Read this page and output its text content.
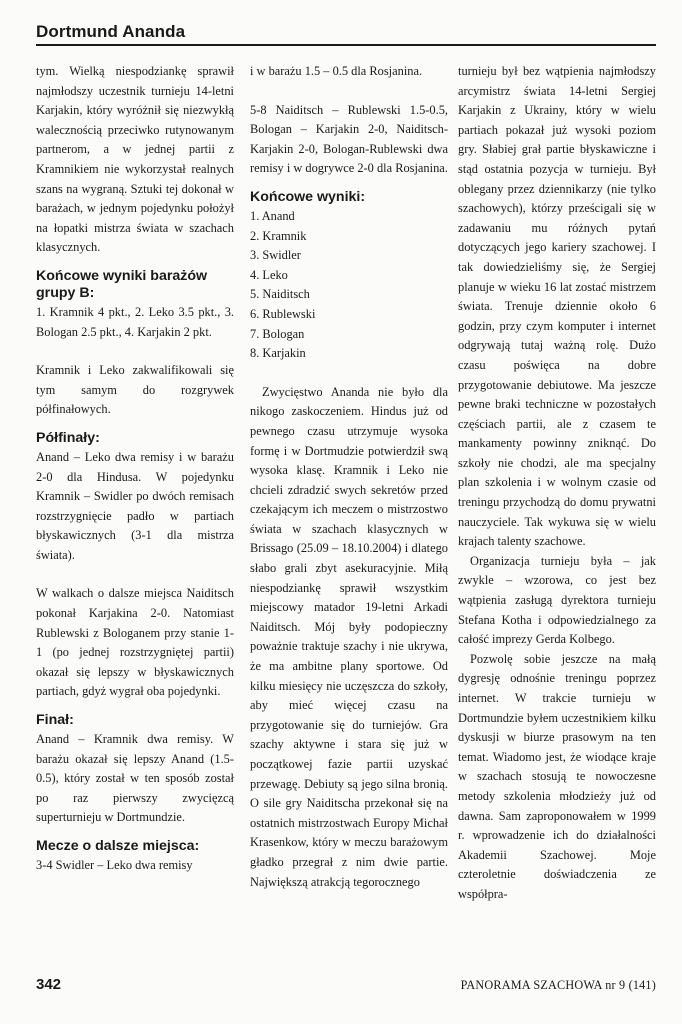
Dortmund Ananda

tym. Wielką niespodziankę sprawił najmłodszy uczestnik turnieju 14-letni Karjakin, który wyróżnił się niezwykłą walecznością przeciwko rutynowanym partnerom, a w jednej partii z Kramnikiem nie wykorzystał realnych szans na wygraną. Sztuki tej dokonał w barażach, w jednym pojedynku położył na łopatki mistrza świata w szachach klasycznych.

Końcowe wyniki barażów grupy B:

1. Kramnik 4 pkt., 2. Leko 3.5 pkt., 3. Bologan 2.5 pkt., 4. Karjakin 2 pkt.

Kramnik i Leko zakwalifikowali się tym samym do rozgrywek półfinałowych.

Półfinały:

Anand – Leko dwa remisy i w barażu 2-0 dla Hindusa. W pojedynku Kramnik – Swidler po dwóch remisach rozstrzygnięcie padło w partiach błyskawicznych (3-1 dla mistrza świata).

W walkach o dalsze miejsca Naiditsch pokonał Karjakina 2-0. Natomiast Rublewski z Bologanem przy stanie 1-1 (po jednej rozstrzygniętej partii) okazał się lepszy w błyskawicznych partiach, gdyż wygrał oba pojedynki.

Finał:

Anand – Kramnik dwa remisy. W barażu okazał się lepszy Anand (1.5-0.5), który został w ten sposób został po raz pierwszy zwycięzcą superturnieju w Dortmundzie.

Mecze o dalsze miejsca:

3-4 Swidler – Leko dwa remisy

i w barażu 1.5 – 0.5 dla Rosjanina.

5-8 Naiditsch – Rublewski 1.5-0.5, Bologan – Karjakin 2-0, Naiditsch-Karjakin 2-0, Bologan-Rublewski dwa remisy i w dogrywce 2-0 dla Rosjanina.

Końcowe wyniki:
1. Anand
2. Kramnik
3. Swidler
4. Leko
5. Naiditsch
6. Rublewski
7. Bologan
8. Karjakin

Zwycięstwo Ananda nie było dla nikogo zaskoczeniem. Hindus już od pewnego czasu utrzymuje wysoka formę i w Dortmudzie potwierdził swą wysoka klasę. Kramnik i Leko nie chcieli zdradzić swych sekretów przed czekającym ich meczem o mistrzostwo świata w szachach klasycznych w Brissago (25.09 – 18.10.2004) i dlatego słabo grali zbyt asekuracyjnie. Miłą niespodziankę sprawił wszystkim miejscowy matador 19-letni Arkadi Naiditsch. Mój były podopieczny poważnie traktuje szachy i nie ukrywa, że ma ambitne plany sportowe. Od kilku miesięcy nie uczęszcza do szkoły, aby mieć więcej czasu na przygotowanie się do turniejów. Gra szachy aktywne i stara się już w początkowej fazie partii uzyskać przewagę. Debiuty są jego silna bronią. O sile gry Naiditscha przekonał się na ostatnich mistrzostwach Europy Michał Krasenkow, który w meczu barażowym gładko przegrał z nim dwie partie. Największą atrakcją tegorocznego

turnieju był bez wątpienia najmłodszy arcymistrz świata 14-letni Sergiej Karjakin z Ukrainy, który w wielu partiach pokazał już wysoki poziom gry. Słabiej grał partie błyskawiczne i stąd ostatnia pozycja w turnieju. Był oblegany przez dziennikarzy (nie tylko szachowych), którzy prześcigali się w zadawaniu mu różnych pytań dotyczących jego kariery szachowej. I tak dowiedzieliśmy się, że Sergiej planuje w wieku 16 lat zostać mistrzem świata. Trenuje dziennie około 6 godzin, przy czym komputer i internet odgrywają tutaj ważną rolę. Dużo czasu poświęca na dobre przygotowanie debiutowe. Ma jeszcze pewne braki techniczne w pozostałych częściach partii, ale z czasem te mankamenty powinny zniknąć. Do szkoły nie chodzi, ale ma specjalny plan szkolenia i w wolnym czasie od treningu przychodzą do domu prywatni nauczyciele. Tak wykuwa się w wielu krajach talenty szachowe.

Organizacja turnieju była – jak zwykle – wzorowa, co jest bez wątpienia zasługą dyrektora turnieju Stefana Kotha i odpowiedzialnego za całość imprezy Gerda Kolbego.

Pozwolę sobie jeszcze na małą dygresję odnośnie treningu poprzez internet. W trakcie turnieju w Dortmundzie byłem uczestnikiem kilku dyskusji w biurze prasowym na ten temat. Wiadomo jest, że wiodące kraje w szachach stosują te nowoczesne metody szkolenia młodzieży już od dawna. Sam zaproponowałem w 1999 r. wprowadzenie ich do działalności Akademii Szachowej. Moje czteroletnie doświadczenia ze współpra-

342	PANORAMA SZACHOWA nr 9 (141)
